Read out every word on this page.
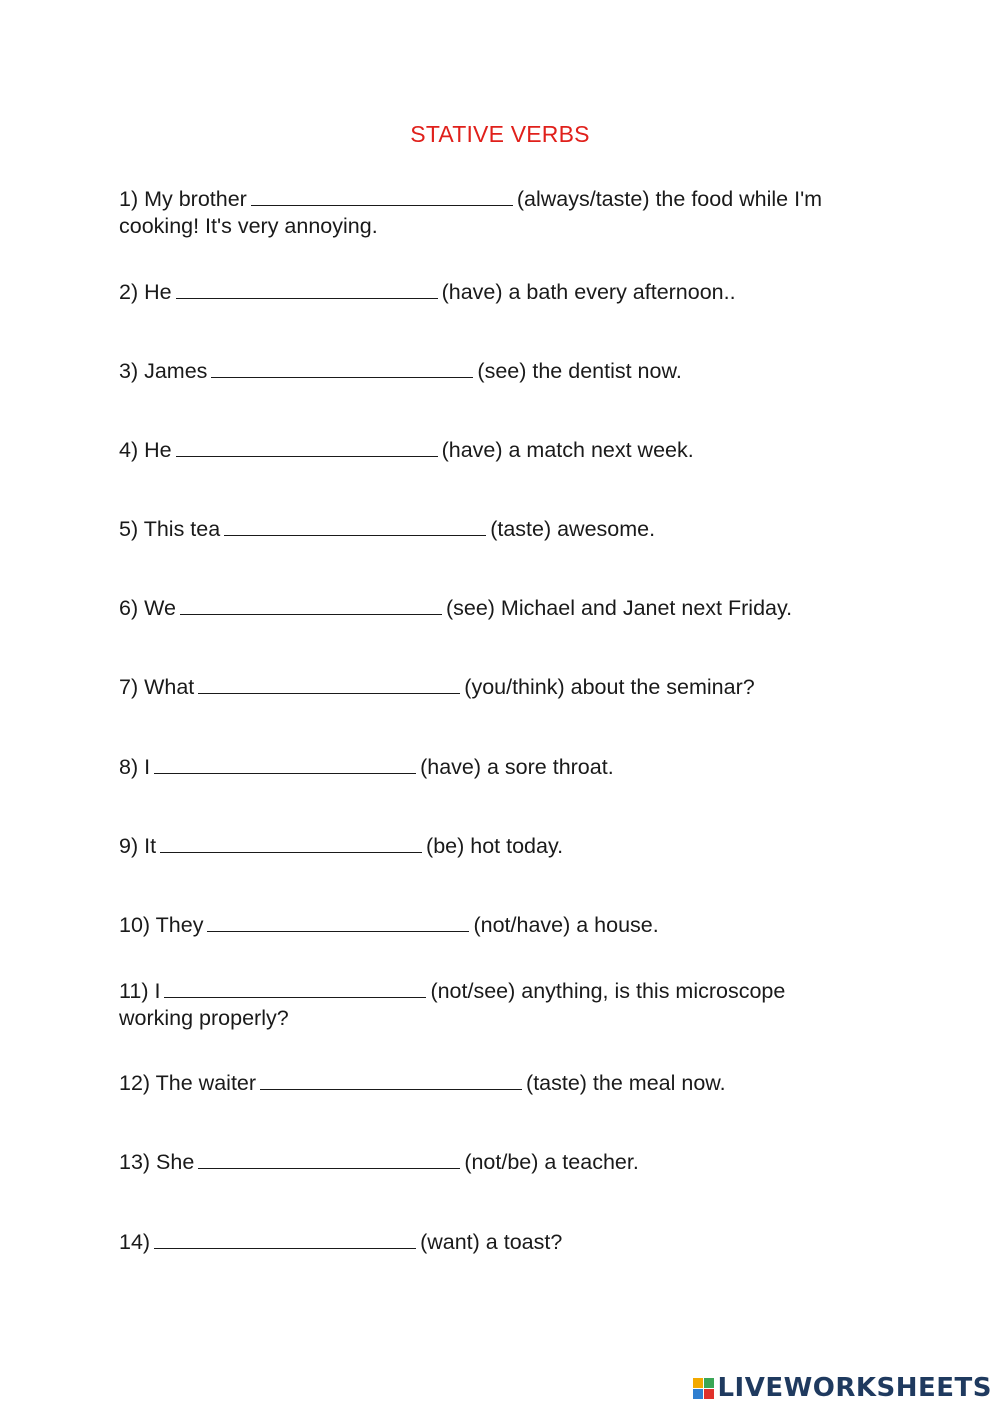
STATIVE VERBS
1) My brother	(always/taste) the food while I'm cooking! It's very annoying.
2) He	(have) a bath every afternoon..
3) James	(see) the dentist now.
4) He	(have) a match next week.
5) This tea	(taste) awesome.
6) We	(see) Michael and Janet next Friday.
7) What	(you/think) about the seminar?
8) I	(have) a sore throat.
9) It	(be) hot today.
10) They	(not/have) a house.
11) I	(not/see) anything, is this microscope working properly?
12) The waiter	(taste) the meal now.
13) She	(not/be) a teacher.
14)	(want) a toast?
LIVEWORKSHEETS
